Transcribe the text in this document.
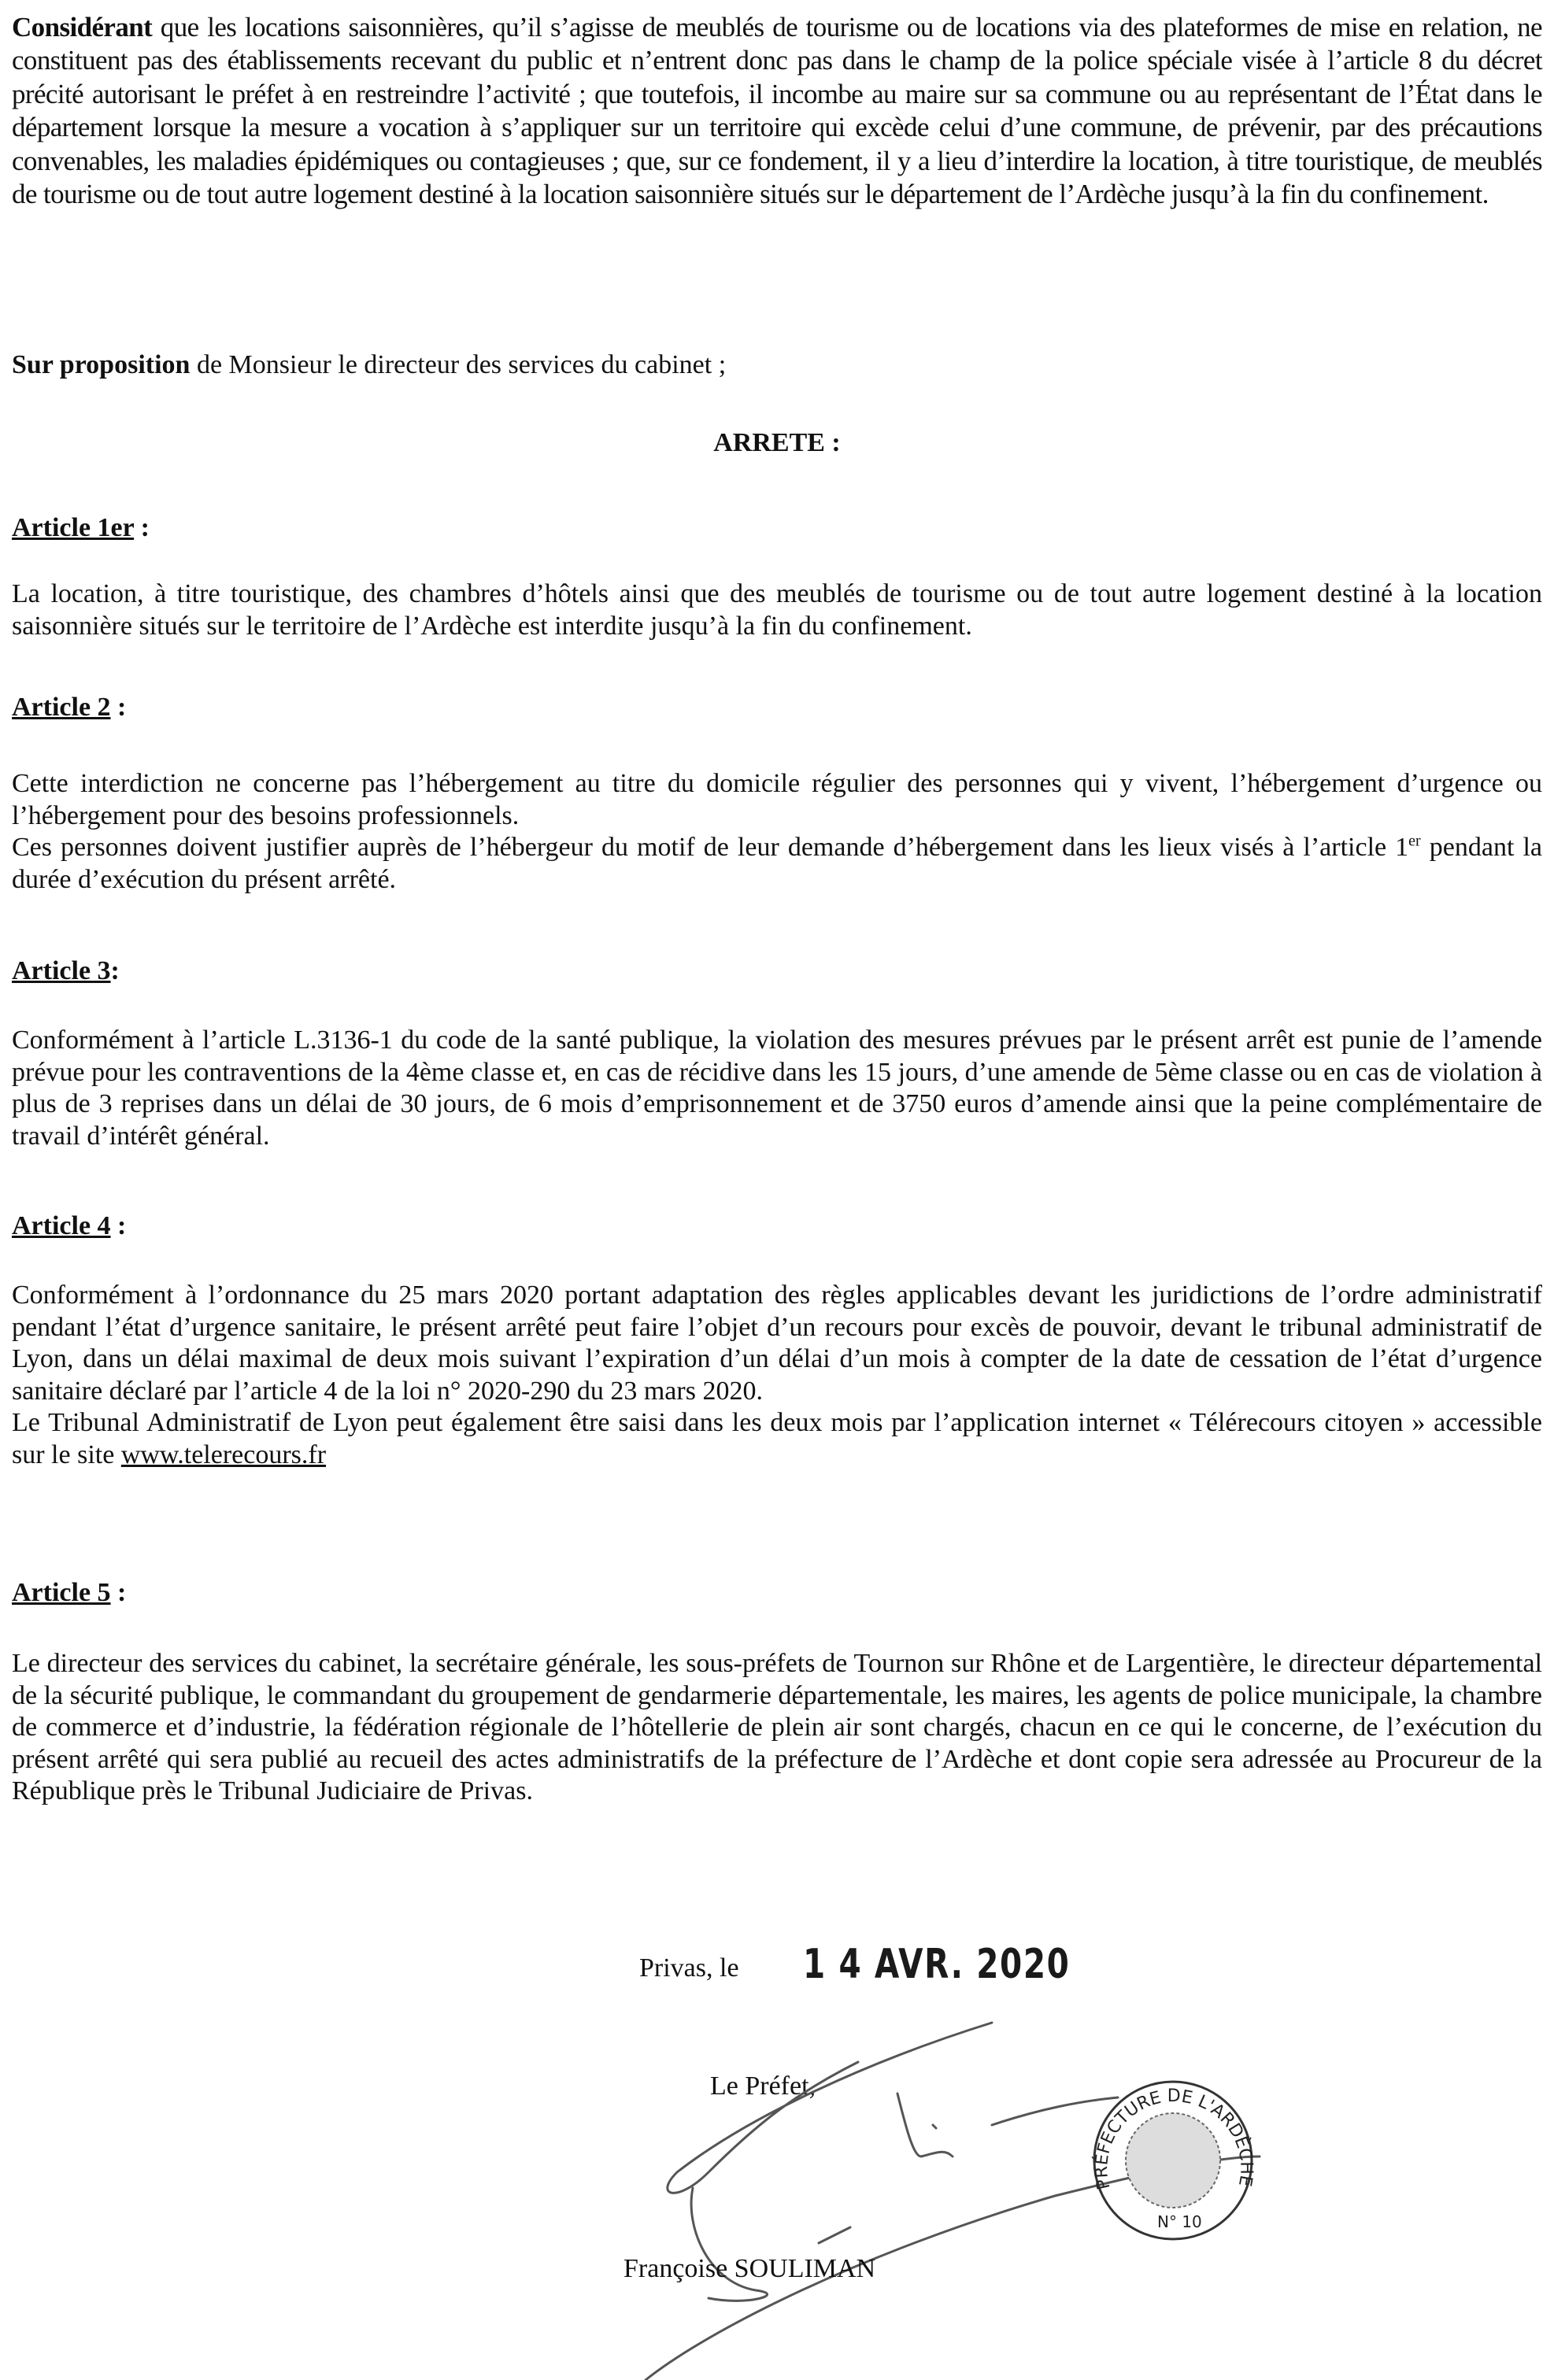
Considérant que les locations saisonnières, qu’il s’agisse de meublés de tourisme ou de locations via des plateformes de mise en relation, ne constituent pas des établissements recevant du public et n’entrent donc pas dans le champ de la police spéciale visée à l’article 8 du décret précité autorisant le préfet à en restreindre l’activité ; que toutefois, il incombe au maire sur sa commune ou au représentant de l’État dans le département lorsque la mesure a vocation à s’appliquer sur un territoire qui excède celui d’une commune, de prévenir, par des précautions convenables, les maladies épidémiques ou contagieuses ; que, sur ce fondement, il y a lieu d’interdire la location, à titre touristique, de meublés de tourisme ou de tout autre logement destiné à la location saisonnière situés sur le département de l’Ardèche jusqu’à la fin du confinement.
Sur proposition de Monsieur le directeur des services du cabinet ;
ARRETE :
Article 1er :
La location, à titre touristique, des chambres d’hôtels ainsi que des meublés de tourisme ou de tout autre logement destiné à la location saisonnière situés sur le territoire de l’Ardèche est interdite jusqu’à la fin du confinement.
Article 2 :
Cette interdiction ne concerne pas l’hébergement au titre du domicile régulier des personnes qui y vivent, l’hébergement d’urgence ou l’hébergement pour des besoins professionnels.
Ces personnes doivent justifier auprès de l’hébergeur du motif de leur demande d’hébergement dans les lieux visés à l’article 1er pendant la durée d’exécution du présent arrêté.
Article 3:
Conformément à l’article L.3136-1 du code de la santé publique, la violation des mesures prévues par le présent arrêt est punie de l’amende prévue pour les contraventions de la 4ème classe et, en cas de récidive dans les 15 jours, d’une amende de 5ème classe ou en cas de violation à plus de 3 reprises dans un délai de 30 jours, de 6 mois d’emprisonnement et de 3750 euros d’amende ainsi que la peine complémentaire de travail d’intérêt général.
Article 4 :
Conformément à l’ordonnance du 25 mars 2020 portant adaptation des règles applicables devant les juridictions de l’ordre administratif pendant l’état d’urgence sanitaire, le présent arrêté peut faire l’objet d’un recours pour excès de pouvoir, devant le tribunal administratif de Lyon, dans un délai maximal de deux mois suivant l’expiration d’un délai d’un mois à compter de la date de cessation de l’état d’urgence sanitaire déclaré par l’article 4 de la loi n° 2020-290 du 23 mars 2020.
Le Tribunal Administratif de Lyon peut également être saisi dans les deux mois par l’application internet « Télérecours citoyen » accessible sur le site www.telerecours.fr
Article 5 :
Le directeur des services du cabinet, la secrétaire générale, les sous-préfets de Tournon sur Rhône et de Largentière, le directeur départemental de la sécurité publique, le commandant du groupement de gendarmerie départementale, les maires, les agents de police municipale, la chambre de commerce et d’industrie, la fédération régionale de l’hôtellerie de plein air sont chargés, chacun en ce qui le concerne, de l’exécution du présent arrêté qui sera publié au recueil des actes administratifs de la préfecture de l’Ardèche et dont copie sera adressée au Procureur de la République près le Tribunal Judiciaire de Privas.
Privas, le 1 4 AVR. 2020
Le Préfet,
PRÉFECTURE DE L'ARDÈCHE
N° 10
Françoise SOULIMAN
